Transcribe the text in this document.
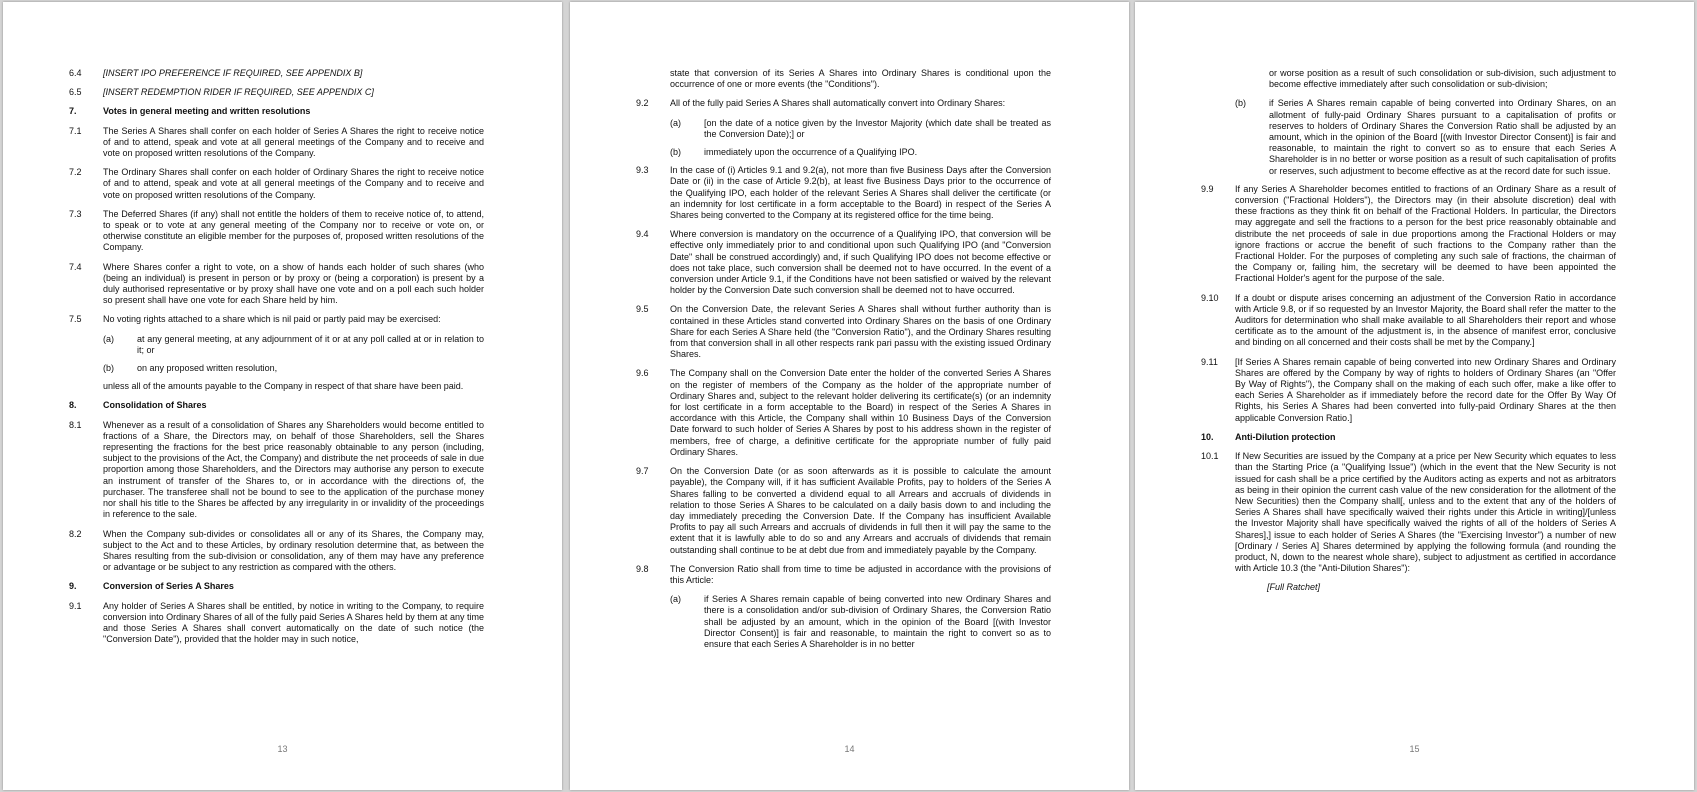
6.4	[INSERT IPO PREFERENCE IF REQUIRED, SEE APPENDIX B]
6.5	[INSERT REDEMPTION RIDER IF REQUIRED, SEE APPENDIX C]
7.	Votes in general meeting and written resolutions
7.1	The Series A Shares shall confer on each holder of Series A Shares the right to receive notice of and to attend, speak and vote at all general meetings of the Company and to receive and vote on proposed written resolutions of the Company.
7.2	The Ordinary Shares shall confer on each holder of Ordinary Shares the right to receive notice of and to attend, speak and vote at all general meetings of the Company and to receive and vote on proposed written resolutions of the Company.
7.3	The Deferred Shares (if any) shall not entitle the holders of them to receive notice of, to attend, to speak or to vote at any general meeting of the Company nor to receive or vote on, or otherwise constitute an eligible member for the purposes of, proposed written resolutions of the Company.
7.4	Where Shares confer a right to vote, on a show of hands each holder of such shares (who (being an individual) is present in person or by proxy or (being a corporation) is present by a duly authorised representative or by proxy shall have one vote and on a poll each such holder so present shall have one vote for each Share held by him.
7.5	No voting rights attached to a share which is nil paid or partly paid may be exercised:
(a)	at any general meeting, at any adjournment of it or at any poll called at or in relation to it; or
(b)	on any proposed written resolution,
unless all of the amounts payable to the Company in respect of that share have been paid.
8.	Consolidation of Shares
8.1	Whenever as a result of a consolidation of Shares any Shareholders would become entitled to fractions of a Share, the Directors may, on behalf of those Shareholders, sell the Shares representing the fractions for the best price reasonably obtainable to any person (including, subject to the provisions of the Act, the Company) and distribute the net proceeds of sale in due proportion among those Shareholders, and the Directors may authorise any person to execute an instrument of transfer of the Shares to, or in accordance with the directions of, the purchaser. The transferee shall not be bound to see to the application of the purchase money nor shall his title to the Shares be affected by any irregularity in or invalidity of the proceedings in reference to the sale.
8.2	When the Company sub-divides or consolidates all or any of its Shares, the Company may, subject to the Act and to these Articles, by ordinary resolution determine that, as between the Shares resulting from the sub-division or consolidation, any of them may have any preference or advantage or be subject to any restriction as compared with the others.
9.	Conversion of Series A Shares
9.1	Any holder of Series A Shares shall be entitled, by notice in writing to the Company, to require conversion into Ordinary Shares of all of the fully paid Series A Shares held by them at any time and those Series A Shares shall convert automatically on the date of such notice (the "Conversion Date"), provided that the holder may in such notice,
13
state that conversion of its Series A Shares into Ordinary Shares is conditional upon the occurrence of one or more events (the "Conditions").
9.2	All of the fully paid Series A Shares shall automatically convert into Ordinary Shares:
(a)	[on the date of a notice given by the Investor Majority (which date shall be treated as the Conversion Date);] or
(b)	immediately upon the occurrence of a Qualifying IPO.
9.3	In the case of (i) Articles 9.1 and 9.2(a), not more than five Business Days after the Conversion Date or (ii) in the case of Article 9.2(b), at least five Business Days prior to the occurrence of the Qualifying IPO, each holder of the relevant Series A Shares shall deliver the certificate (or an indemnity for lost certificate in a form acceptable to the Board) in respect of the Series A Shares being converted to the Company at its registered office for the time being.
9.4	Where conversion is mandatory on the occurrence of a Qualifying IPO, that conversion will be effective only immediately prior to and conditional upon such Qualifying IPO (and "Conversion Date" shall be construed accordingly) and, if such Qualifying IPO does not become effective or does not take place, such conversion shall be deemed not to have occurred. In the event of a conversion under Article 9.1, if the Conditions have not been satisfied or waived by the relevant holder by the Conversion Date such conversion shall be deemed not to have occurred.
9.5	On the Conversion Date, the relevant Series A Shares shall without further authority than is contained in these Articles stand converted into Ordinary Shares on the basis of one Ordinary Share for each Series A Share held (the "Conversion Ratio"), and the Ordinary Shares resulting from that conversion shall in all other respects rank pari passu with the existing issued Ordinary Shares.
9.6	The Company shall on the Conversion Date enter the holder of the converted Series A Shares on the register of members of the Company as the holder of the appropriate number of Ordinary Shares and, subject to the relevant holder delivering its certificate(s) (or an indemnity for lost certificate in a form acceptable to the Board) in respect of the Series A Shares in accordance with this Article, the Company shall within 10 Business Days of the Conversion Date forward to such holder of Series A Shares by post to his address shown in the register of members, free of charge, a definitive certificate for the appropriate number of fully paid Ordinary Shares.
9.7	On the Conversion Date (or as soon afterwards as it is possible to calculate the amount payable), the Company will, if it has sufficient Available Profits, pay to holders of the Series A Shares falling to be converted a dividend equal to all Arrears and accruals of dividends in relation to those Series A Shares to be calculated on a daily basis down to and including the day immediately preceding the Conversion Date. If the Company has insufficient Available Profits to pay all such Arrears and accruals of dividends in full then it will pay the same to the extent that it is lawfully able to do so and any Arrears and accruals of dividends that remain outstanding shall continue to be at debt due from and immediately payable by the Company.
9.8	The Conversion Ratio shall from time to time be adjusted in accordance with the provisions of this Article:
(a)	if Series A Shares remain capable of being converted into new Ordinary Shares and there is a consolidation and/or sub-division of Ordinary Shares, the Conversion Ratio shall be adjusted by an amount, which in the opinion of the Board [(with Investor Director Consent)] is fair and reasonable, to maintain the right to convert so as to ensure that each Series A Shareholder is in no better
14
or worse position as a result of such consolidation or sub-division, such adjustment to become effective immediately after such consolidation or sub-division;
(b)	if Series A Shares remain capable of being converted into Ordinary Shares, on an allotment of fully-paid Ordinary Shares pursuant to a capitalisation of profits or reserves to holders of Ordinary Shares the Conversion Ratio shall be adjusted by an amount, which in the opinion of the Board [(with Investor Director Consent)] is fair and reasonable, to maintain the right to convert so as to ensure that each Series A Shareholder is in no better or worse position as a result of such capitalisation of profits or reserves, such adjustment to become effective as at the record date for such issue.
9.9	If any Series A Shareholder becomes entitled to fractions of an Ordinary Share as a result of conversion ("Fractional Holders"), the Directors may (in their absolute discretion) deal with these fractions as they think fit on behalf of the Fractional Holders. In particular, the Directors may aggregate and sell the fractions to a person for the best price reasonably obtainable and distribute the net proceeds of sale in due proportions among the Fractional Holders or may ignore fractions or accrue the benefit of such fractions to the Company rather than the Fractional Holder. For the purposes of completing any such sale of fractions, the chairman of the Company or, failing him, the secretary will be deemed to have been appointed the Fractional Holder's agent for the purpose of the sale.
9.10	If a doubt or dispute arises concerning an adjustment of the Conversion Ratio in accordance with Article 9.8, or if so requested by an Investor Majority, the Board shall refer the matter to the Auditors for determination who shall make available to all Shareholders their report and whose certificate as to the amount of the adjustment is, in the absence of manifest error, conclusive and binding on all concerned and their costs shall be met by the Company.]
9.11	[If Series A Shares remain capable of being converted into new Ordinary Shares and Ordinary Shares are offered by the Company by way of rights to holders of Ordinary Shares (an "Offer By Way of Rights"), the Company shall on the making of each such offer, make a like offer to each Series A Shareholder as if immediately before the record date for the Offer By Way Of Rights, his Series A Shares had been converted into fully-paid Ordinary Shares at the then applicable Conversion Ratio.]
10.	Anti-Dilution protection
10.1	If New Securities are issued by the Company at a price per New Security which equates to less than the Starting Price (a "Qualifying Issue") (which in the event that the New Security is not issued for cash shall be a price certified by the Auditors acting as experts and not as arbitrators as being in their opinion the current cash value of the new consideration for the allotment of the New Securities) then the Company shall[, unless and to the extent that any of the holders of Series A Shares shall have specifically waived their rights under this Article in writing]/[unless the Investor Majority shall have specifically waived the rights of all of the holders of Series A Shares],] issue to each holder of Series A Shares (the "Exercising Investor") a number of new [Ordinary / Series A] Shares determined by applying the following formula (and rounding the product, N, down to the nearest whole share), subject to adjustment as certified in accordance with Article 10.3 (the "Anti-Dilution Shares"):
[Full Ratchet]
15
